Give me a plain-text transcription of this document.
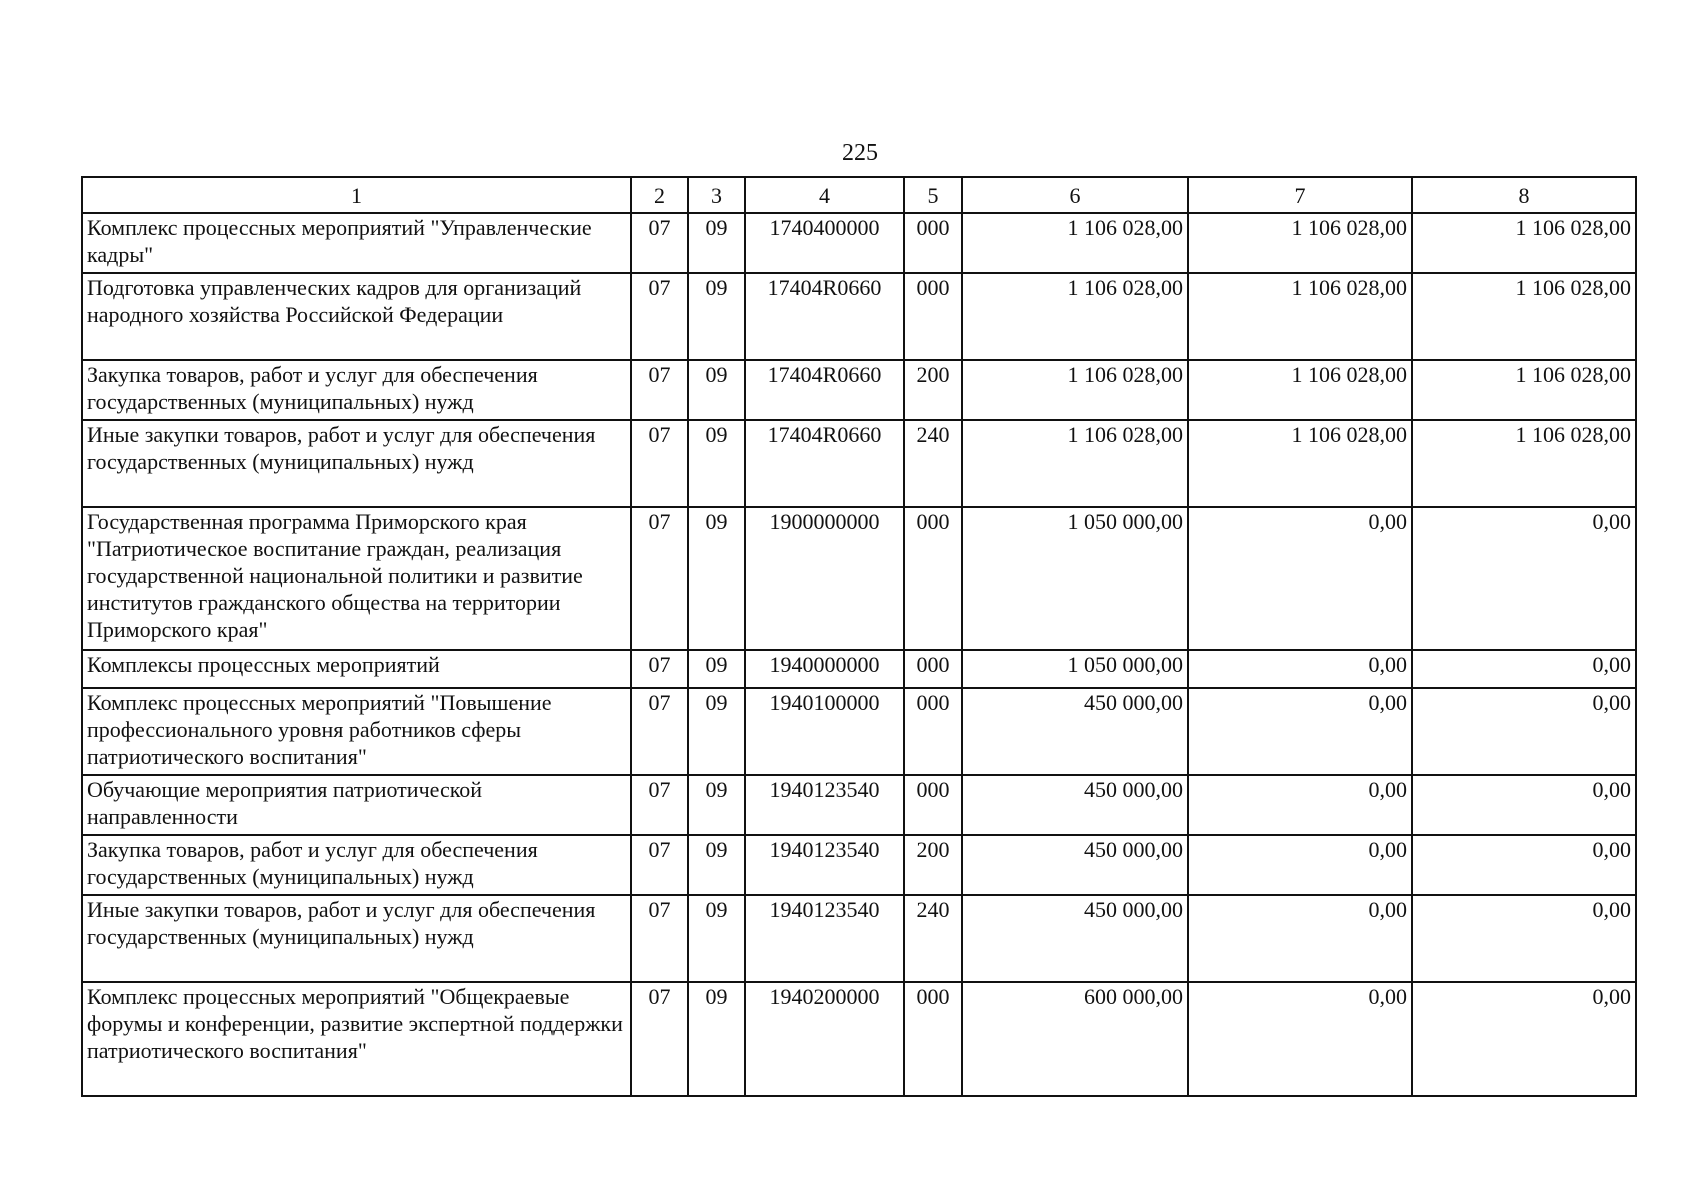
225
1	2	3	4	5	6	7	8
Комплекс процессных мероприятий "Управленческие кадры"	07	09	1740400000	000	1 106 028,00	1 106 028,00	1 106 028,00
Подготовка управленческих кадров для организаций народного хозяйства Российской Федерации	07	09	17404R0660	000	1 106 028,00	1 106 028,00	1 106 028,00
Закупка товаров, работ и услуг для обеспечения государственных (муниципальных) нужд	07	09	17404R0660	200	1 106 028,00	1 106 028,00	1 106 028,00
Иные закупки товаров, работ и услуг для обеспечения государственных (муниципальных) нужд	07	09	17404R0660	240	1 106 028,00	1 106 028,00	1 106 028,00
Государственная программа Приморского края "Патриотическое воспитание граждан, реализация государственной национальной политики и развитие институтов гражданского общества на территории Приморского края"	07	09	1900000000	000	1 050 000,00	0,00	0,00
Комплексы процессных мероприятий	07	09	1940000000	000	1 050 000,00	0,00	0,00
Комплекс процессных мероприятий "Повышение профессионального уровня работников сферы патриотического воспитания"	07	09	1940100000	000	450 000,00	0,00	0,00
Обучающие мероприятия патриотической направленности	07	09	1940123540	000	450 000,00	0,00	0,00
Закупка товаров, работ и услуг для обеспечения государственных (муниципальных) нужд	07	09	1940123540	200	450 000,00	0,00	0,00
Иные закупки товаров, работ и услуг для обеспечения государственных (муниципальных) нужд	07	09	1940123540	240	450 000,00	0,00	0,00
Комплекс процессных мероприятий "Общекраевые форумы и конференции, развитие экспертной поддержки патриотического воспитания"	07	09	1940200000	000	600 000,00	0,00	0,00
